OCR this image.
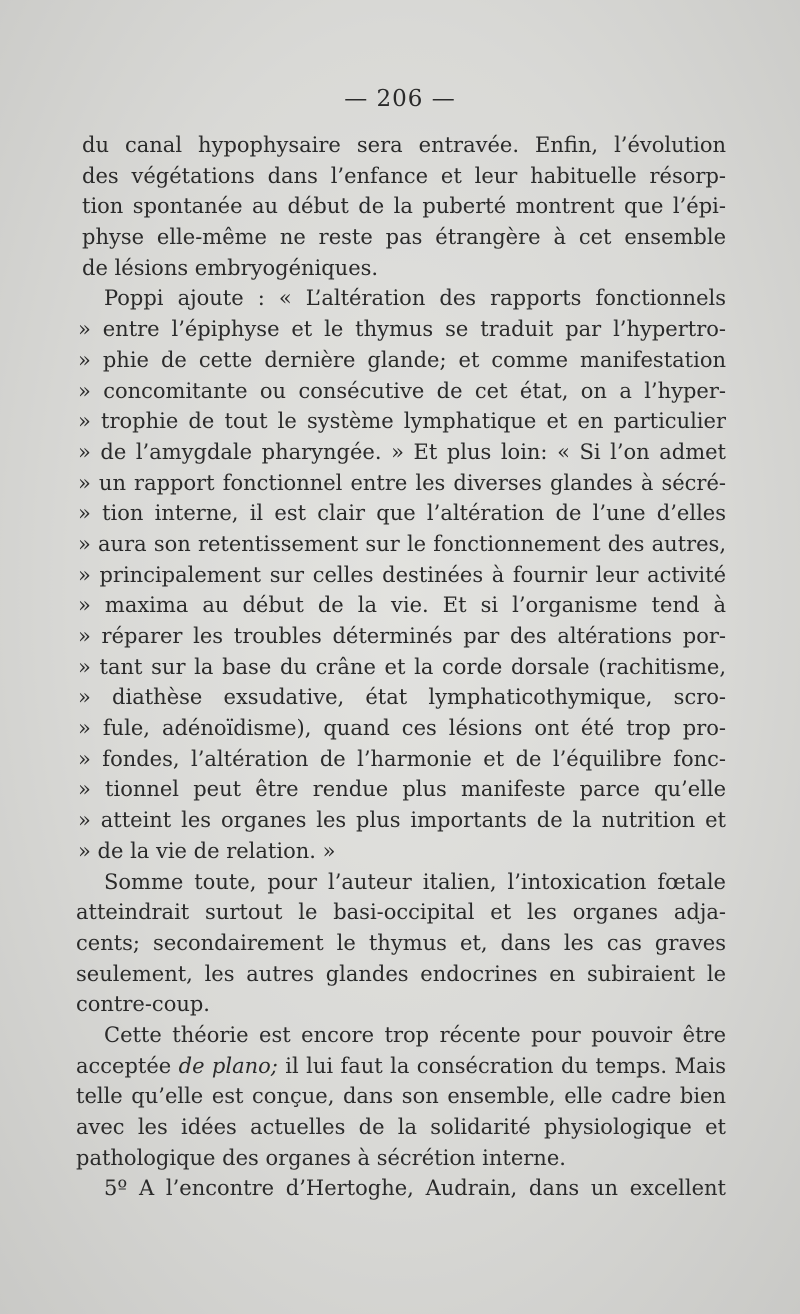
— 206 —
du canal hypophysaire sera entravée. Enfin, l’évolution
des végétations dans l’enfance et leur habituelle résorp-
tion spontanée au début de la puberté montrent que l’épi-
physe elle-même ne reste pas étrangère à cet ensemble
de lésions embryogéniques.
Poppi ajoute : « L’altération des rapports fonctionnels
» entre l’épiphyse et le thymus se traduit par l’hypertro-
» phie de cette dernière glande; et comme manifestation
» concomitante ou consécutive de cet état, on a l’hyper-
» trophie de tout le système lymphatique et en particulier
» de l’amygdale pharyngée. » Et plus loin: « Si l’on admet
» un rapport fonctionnel entre les diverses glandes à sécré-
» tion interne, il est clair que l’altération de l’une d’elles
» aura son retentissement sur le fonctionnement des autres,
» principalement sur celles destinées à fournir leur activité
» maxima au début de la vie. Et si l’organisme tend à
» réparer les troubles déterminés par des altérations por-
» tant sur la base du crâne et la corde dorsale (rachitisme,
» diathèse exsudative, état lymphaticothymique, scro-
» fule, adénoïdisme), quand ces lésions ont été trop pro-
» fondes, l’altération de l’harmonie et de l’équilibre fonc-
» tionnel peut être rendue plus manifeste parce qu’elle
» atteint les organes les plus importants de la nutrition et
» de la vie de relation. »
Somme toute, pour l’auteur italien, l’intoxication fœtale
atteindrait surtout le basi-occipital et les organes adja-
cents; secondairement le thymus et, dans les cas graves
seulement, les autres glandes endocrines en subiraient le
contre-coup.
Cette théorie est encore trop récente pour pouvoir être
acceptée de plano; il lui faut la consécration du temps. Mais
telle qu’elle est conçue, dans son ensemble, elle cadre bien
avec les idées actuelles de la solidarité physiologique et
pathologique des organes à sécrétion interne.
5º A l’encontre d’Hertoghe, Audrain, dans un excellent
